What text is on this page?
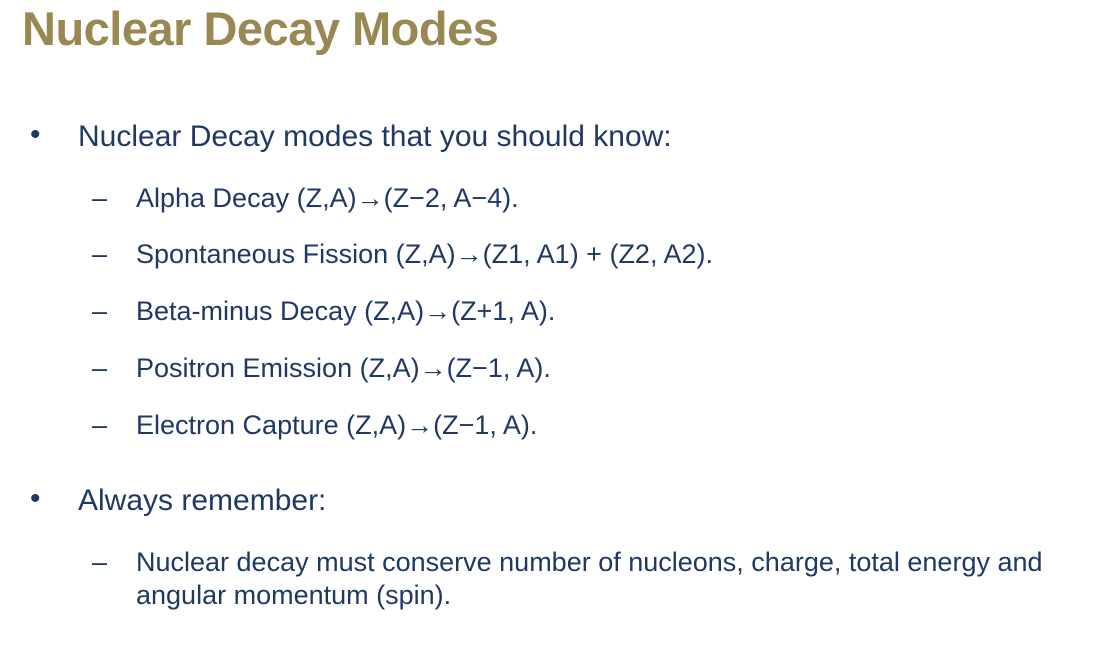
Nuclear Decay Modes
• Nuclear Decay modes that you should know:
– Alpha Decay (Z,A)→(Z−2, A−4).
– Spontaneous Fission (Z,A)→(Z1, A1) + (Z2, A2).
– Beta-minus Decay (Z,A)→(Z+1, A).
– Positron Emission (Z,A)→(Z−1, A).
– Electron Capture (Z,A)→(Z−1, A).
• Always remember:
– Nuclear decay must conserve number of nucleons, charge, total energy and angular momentum (spin).
